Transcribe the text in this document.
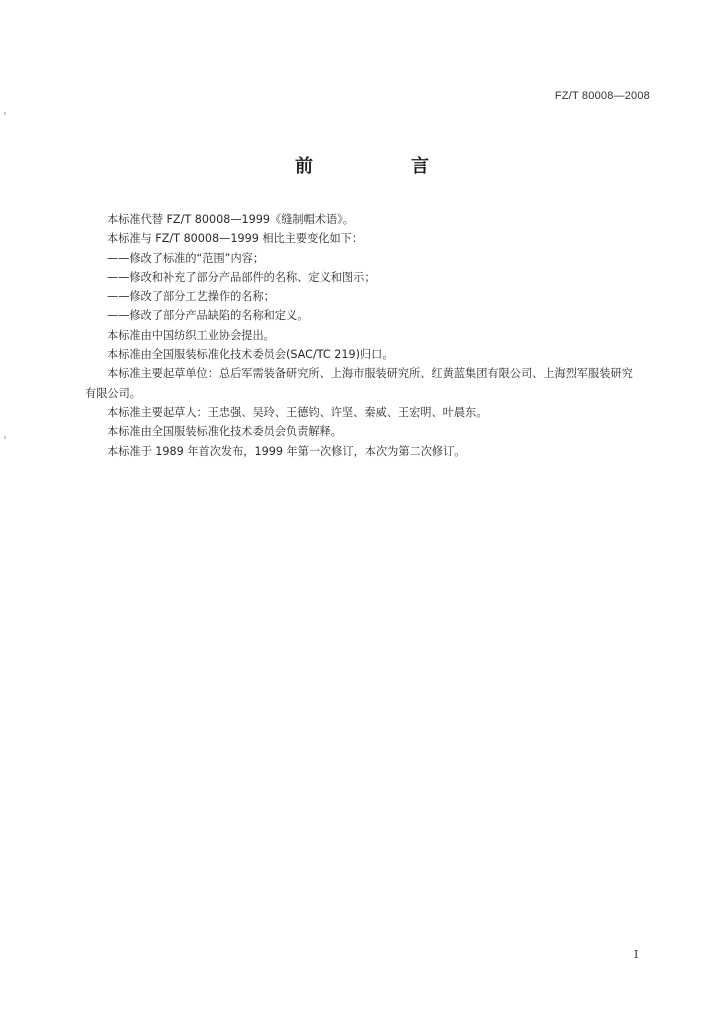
FZ/T 80008—2008
前　言

本标准代替 FZ/T 80008—1999《缝制帽术语》。

本标准与 FZ/T 80008—1999 相比主要变化如下：

——修改了标准的“范围”内容；

——修改和补充了部分产品部件的名称、定义和图示；

——修改了部分工艺操作的名称；

——修改了部分产品缺陷的名称和定义。

本标准由中国纺织工业协会提出。

本标准由全国服装标准化技术委员会(SAC/TC 219)归口。

本标准主要起草单位：总后军需装备研究所、上海市服装研究所、红黄蓝集团有限公司、上海烈军服装研究有限公司。

本标准主要起草人：王忠强、吴玲、王德钧、许坚、秦威、王宏明、叶晨东。

本标准由全国服装标准化技术委员会负责解释。

本标准于 1989 年首次发布，1999 年第一次修订，本次为第二次修订。

I
